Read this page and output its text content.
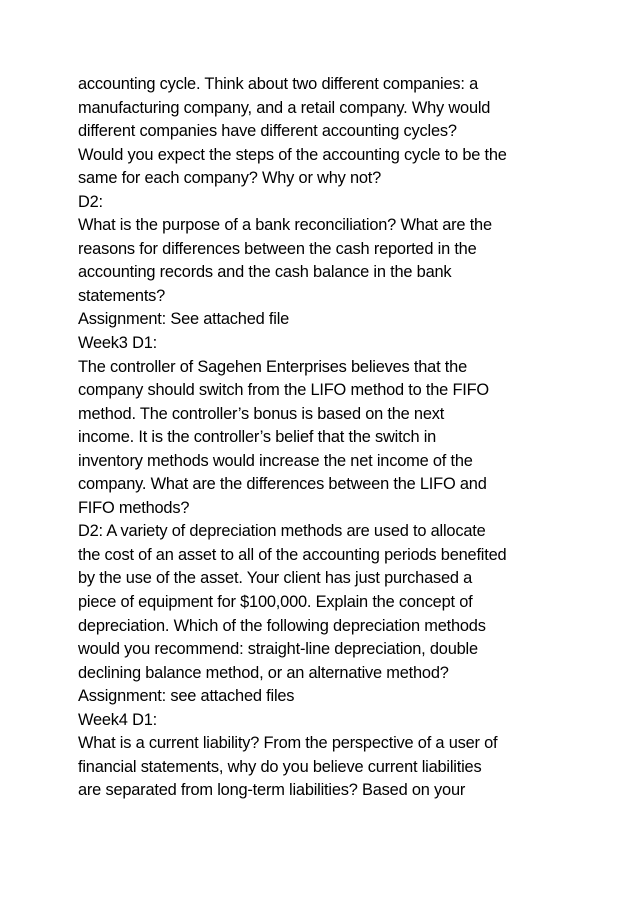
accounting cycle. Think about two different companies: a
manufacturing company, and a retail company. Why would
different companies have different accounting cycles?
Would you expect the steps of the accounting cycle to be the
same for each company? Why or why not?
D2:
What is the purpose of a bank reconciliation? What are the
reasons for differences between the cash reported in the
accounting records and the cash balance in the bank
statements?
Assignment: See attached file
Week3 D1:
The controller of Sagehen Enterprises believes that the
company should switch from the LIFO method to the FIFO
method. The controller’s bonus is based on the next
income. It is the controller’s belief that the switch in
inventory methods would increase the net income of the
company. What are the differences between the LIFO and
FIFO methods?
D2: A variety of depreciation methods are used to allocate
the cost of an asset to all of the accounting periods benefited
by the use of the asset. Your client has just purchased a
piece of equipment for $100,000. Explain the concept of
depreciation. Which of the following depreciation methods
would you recommend: straight-line depreciation, double
declining balance method, or an alternative method?
Assignment: see attached files
Week4 D1:
What is a current liability? From the perspective of a user of
financial statements, why do you believe current liabilities
are separated from long-term liabilities? Based on your
